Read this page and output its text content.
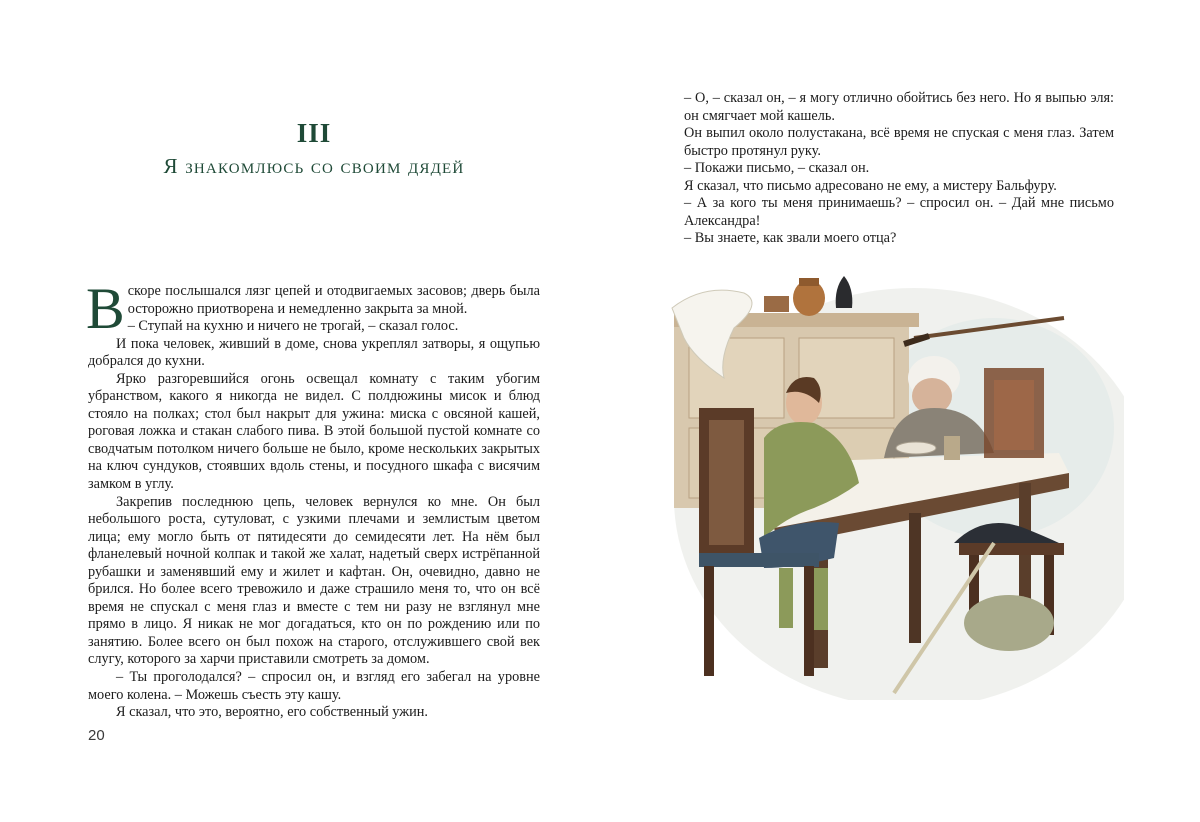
III
Я знакомлюсь со своим дядей

Вскоре послышался лязг цепей и отодвигаемых засовов; дверь была осторожно приотворена и немедленно закрыта за мной.

– Ступай на кухню и ничего не трогай, – сказал голос.

И пока человек, живший в доме, снова укреплял затворы, я ощупью добрался до кухни.

Ярко разгоревшийся огонь освещал комнату с таким убогим убранством, какого я никогда не видел. С полдюжины мисок и блюд стояло на полках; стол был накрыт для ужина: миска с овсяной кашей, роговая ложка и стакан слабого пива. В этой большой пустой комнате со сводчатым потолком ничего больше не было, кроме нескольких закрытых на ключ сундуков, стоявших вдоль стены, и посудного шкафа с висячим замком в углу.

Закрепив последнюю цепь, человек вернулся ко мне. Он был небольшого роста, сутуловат, с узкими плечами и землистым цветом лица; ему могло быть от пятидесяти до семидесяти лет. На нём был фланелевый ночной колпак и такой же халат, надетый сверх истрёпанной рубашки и заменявший ему и жилет и кафтан. Он, очевидно, давно не брился. Но более всего тревожило и даже страшило меня то, что он всё время не спускал с меня глаз и вместе с тем ни разу не взглянул мне прямо в лицо. Я никак не мог догадаться, кто он по рождению или по занятию. Более всего он был похож на старого, отслужившего свой век слугу, которого за харчи приставили смотреть за домом.

– Ты проголодался? – спросил он, и взгляд его забегал на уровне моего колена. – Можешь съесть эту кашу.

Я сказал, что это, вероятно, его собственный ужин.

20

– О, – сказал он, – я могу отлично обойтись без него. Но я выпью эля: он смягчает мой кашель.

Он выпил около полустакана, всё время не спуская с меня глаз. Затем быстро протянул руку.

– Покажи письмо, – сказал он.

Я сказал, что письмо адресовано не ему, а мистеру Бальфуру.

– А за кого ты меня принимаешь? – спросил он. – Дай мне письмо Александра!

– Вы знаете, как звали моего отца?
